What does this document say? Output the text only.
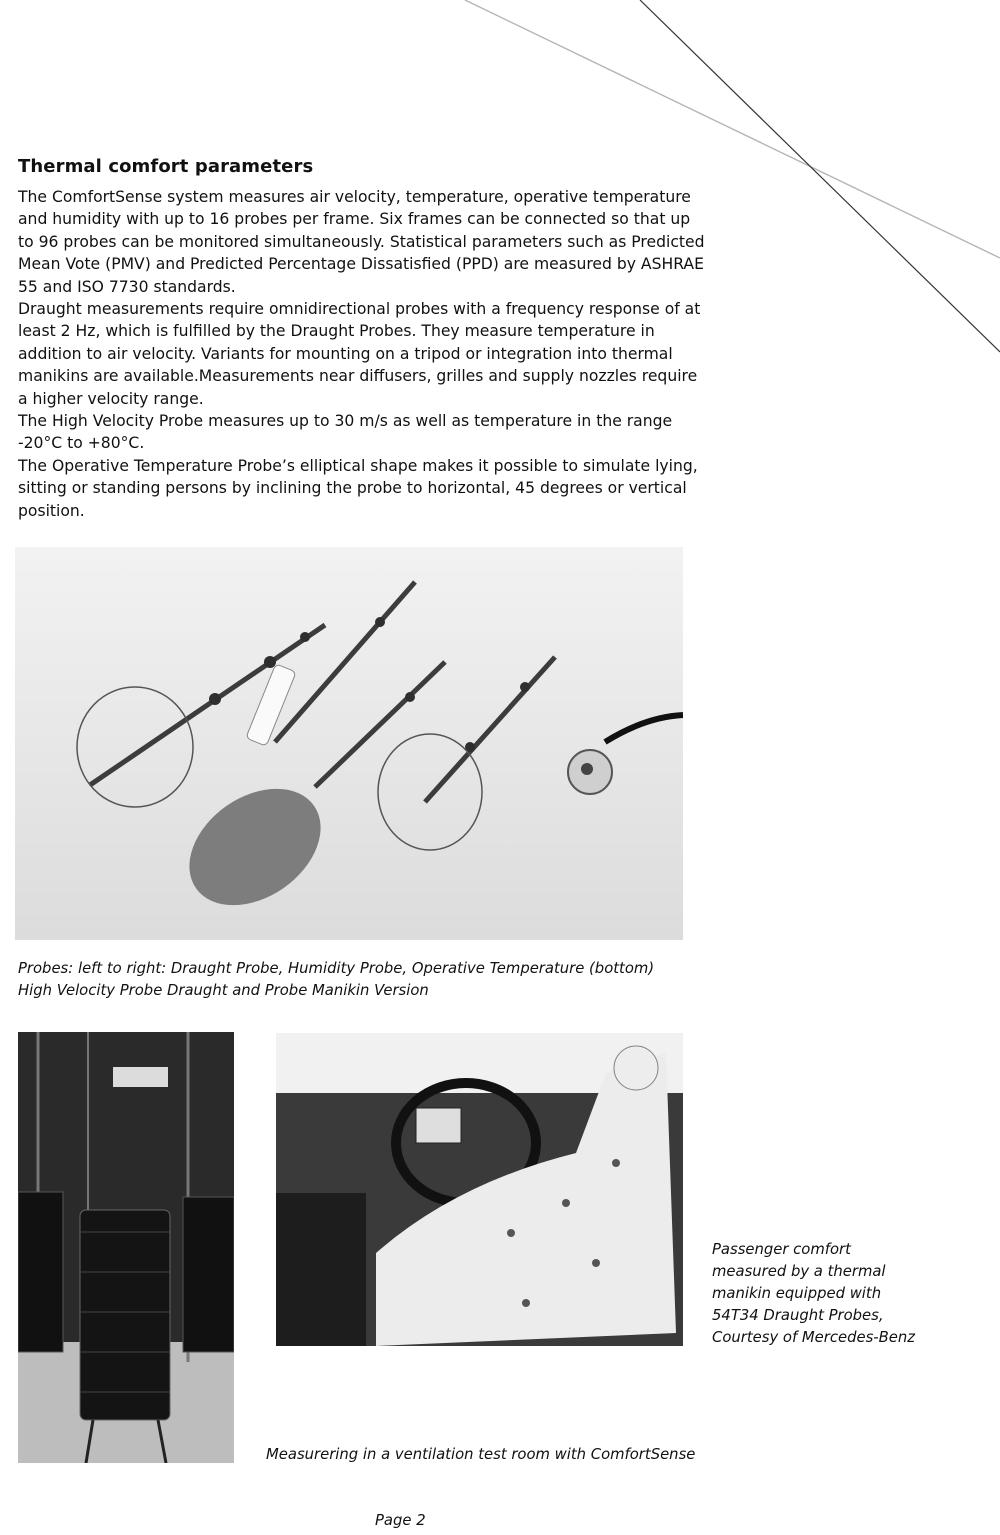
Thermal comfort parameters

The ComfortSense system measures air velocity, temperature, operative temperature and humidity with up to 16 probes per frame. Six frames can be connected so that up to 96 probes can be monitored simultaneously. Statistical parameters such as Predicted Mean Vote (PMV) and Predicted Percentage Dissatisfied (PPD) are measured by ASHRAE 55 and ISO 7730 standards.

Draught measurements require omnidirectional probes with a frequency response of at least 2 Hz, which is fulfilled by the Draught Probes. They measure temperature in addition to air velocity. Variants for mounting on a tripod or integration into thermal manikins are available.Measurements near diffusers, grilles and supply nozzles require a higher velocity range.

The High Velocity Probe measures up to 30 m/s as well as temperature in the range -20°C to +80°C.

The Operative Temperature Probe’s elliptical shape makes it possible to simulate lying, sitting or standing persons by inclining the probe to horizontal, 45 degrees or vertical position.

Probes: left to right: Draught Probe, Humidity Probe, Operative Temperature (bottom)
High Velocity Probe Draught and Probe Manikin Version

Passenger comfort
measured by a thermal
manikin equipped with
54T34 Draught Probes,
Courtesy of Mercedes-Benz

Measurering in a ventilation test room with ComfortSense

Page 2
